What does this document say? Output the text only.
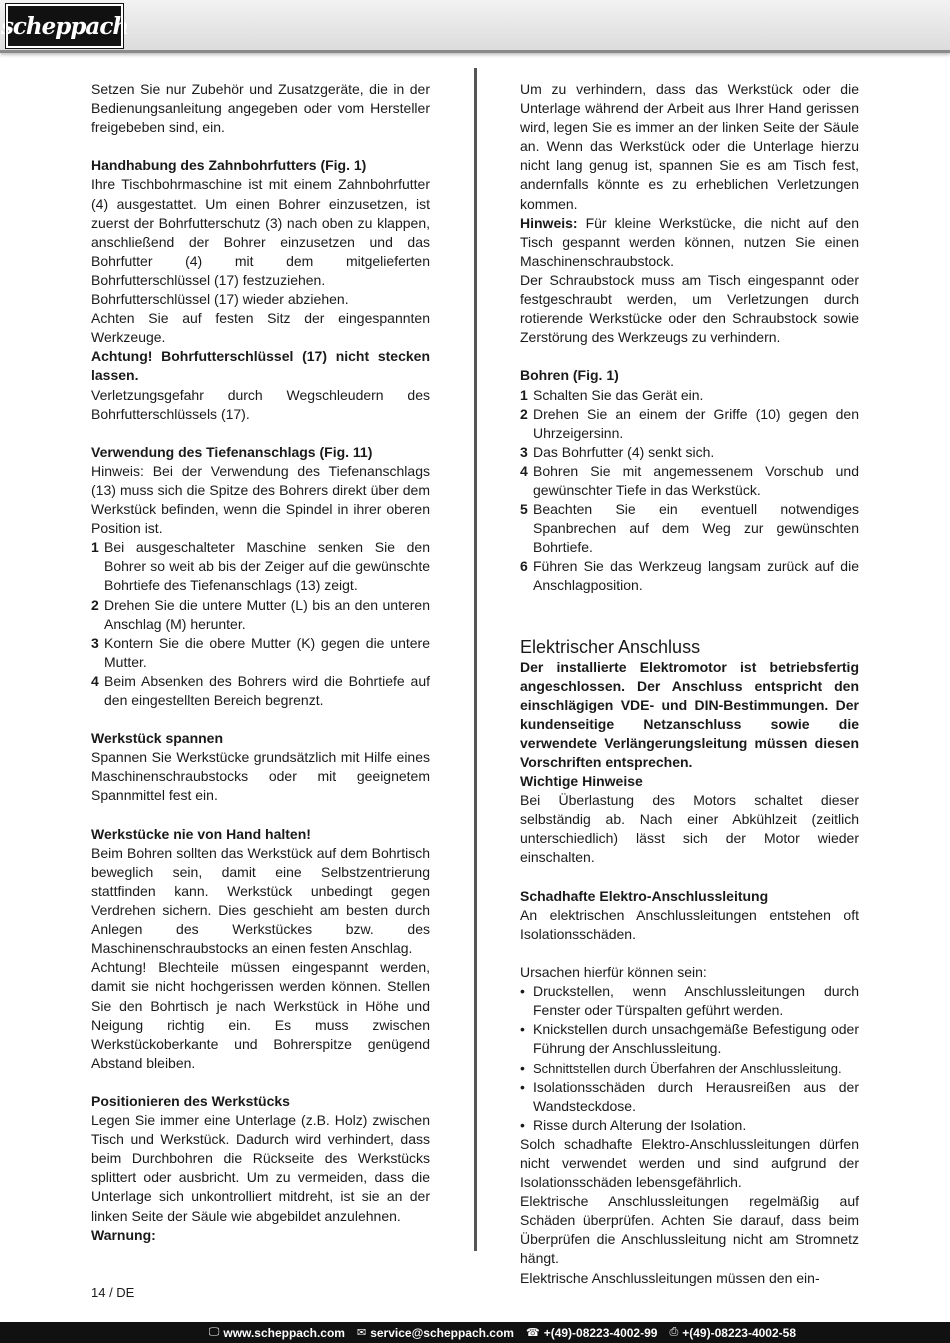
scheppach

Setzen Sie nur Zubehör und Zusatzgeräte, die in der Bedienungsanleitung angegeben oder vom Hersteller freigebeben sind, ein.

Handhabung des Zahnbohrfutters (Fig. 1)

Ihre Tischbohrmaschine ist mit einem Zahnbohrfutter (4) ausgestattet. Um einen Bohrer einzusetzen, ist zuerst der Bohrfutterschutz (3) nach oben zu klappen, anschließend der Bohrer einzusetzen und das Bohrfutter (4) mit dem mitgelieferten Bohrfutterschlüssel (17) festzuziehen.

Bohrfutterschlüssel (17) wieder abziehen.

Achten Sie auf festen Sitz der eingespannten Werkzeuge.

Achtung! Bohrfutterschlüssel (17) nicht stecken lassen.

Verletzungsgefahr durch Wegschleudern des Bohrfutterschlüssels (17).

Verwendung des Tiefenanschlags (Fig. 11)

Hinweis: Bei der Verwendung des Tiefenanschlags (13) muss sich die Spitze des Bohrers direkt über dem Werkstück befinden, wenn die Spindel in ihrer oberen Position ist.

1 Bei ausgeschalteter Maschine senken Sie den Bohrer so weit ab bis der Zeiger auf die gewünschte Bohrtiefe des Tiefenanschlags (13) zeigt.
2 Drehen Sie die untere Mutter (L) bis an den unteren Anschlag (M) herunter.
3 Kontern Sie die obere Mutter (K) gegen die untere Mutter.
4 Beim Absenken des Bohrers wird die Bohrtiefe auf den eingestellten Bereich begrenzt.

Werkstück spannen

Spannen Sie Werkstücke grundsätzlich mit Hilfe eines Maschinenschraubstocks oder mit geeignetem Spannmittel fest ein.

Werkstücke nie von Hand halten!

Beim Bohren sollten das Werkstück auf dem Bohrtisch beweglich sein, damit eine Selbstzentrierung stattfinden kann. Werkstück unbedingt gegen Verdrehen sichern. Dies geschieht am besten durch Anlegen des Werkstückes bzw. des Maschinenschraubstocks an einen festen Anschlag.

Achtung! Blechteile müssen eingespannt werden, damit sie nicht hochgerissen werden können. Stellen Sie den Bohrtisch je nach Werkstück in Höhe und Neigung richtig ein. Es muss zwischen Werkstückoberkante und Bohrerspitze genügend Abstand bleiben.

Positionieren des Werkstücks

Legen Sie immer eine Unterlage (z.B. Holz) zwischen Tisch und Werkstück. Dadurch wird verhindert, dass beim Durchbohren die Rückseite des Werkstücks splittert oder ausbricht. Um zu vermeiden, dass die Unterlage sich unkontrolliert mitdreht, ist sie an der linken Seite der Säule wie abgebildet anzulehnen.

Warnung:

Um zu verhindern, dass das Werkstück oder die Unterlage während der Arbeit aus Ihrer Hand gerissen wird, legen Sie es immer an der linken Seite der Säule an. Wenn das Werkstück oder die Unterlage hierzu nicht lang genug ist, spannen Sie es am Tisch fest, andernfalls könnte es zu erheblichen Verletzungen kommen.

Hinweis: Für kleine Werkstücke, die nicht auf den Tisch gespannt werden können, nutzen Sie einen Maschinenschraubstock.

Der Schraubstock muss am Tisch eingespannt oder festgeschraubt werden, um Verletzungen durch rotierende Werkstücke oder den Schraubstock sowie Zerstörung des Werkzeugs zu verhindern.

Bohren (Fig. 1)

1 Schalten Sie das Gerät ein.
2 Drehen Sie an einem der Griffe (10) gegen den Uhrzeigersinn.
3 Das Bohrfutter (4) senkt sich.
4 Bohren Sie mit angemessenem Vorschub und gewünschter Tiefe in das Werkstück.
5 Beachten Sie ein eventuell notwendiges Spanbrechen auf dem Weg zur gewünschten Bohrtiefe.
6 Führen Sie das Werkzeug langsam zurück auf die Anschlagposition.

Elektrischer Anschluss

Der installierte Elektromotor ist betriebsfertig angeschlossen. Der Anschluss entspricht den einschlägigen VDE- und DIN-Bestimmungen. Der kundenseitige Netzanschluss sowie die verwendete Verlängerungsleitung müssen diesen Vorschriften entsprechen.

Wichtige Hinweise

Bei Überlastung des Motors schaltet dieser selbständig ab. Nach einer Abkühlzeit (zeitlich unterschiedlich) lässt sich der Motor wieder einschalten.

Schadhafte Elektro-Anschlussleitung

An elektrischen Anschlussleitungen entstehen oft Isolationsschäden.

Ursachen hierfür können sein:

• Druckstellen, wenn Anschlussleitungen durch Fenster oder Türspalten geführt werden.
• Knickstellen durch unsachgemäße Befestigung oder Führung der Anschlussleitung.
• Schnittstellen durch Überfahren der Anschlussleitung.
• Isolationsschäden durch Herausreißen aus der Wandsteckdose.
• Risse durch Alterung der Isolation.

Solch schadhafte Elektro-Anschlussleitungen dürfen nicht verwendet werden und sind aufgrund der Isolationsschäden lebensgefährlich.

Elektrische Anschlussleitungen regelmäßig auf Schäden überprüfen. Achten Sie darauf, dass beim Überprüfen die Anschlussleitung nicht am Stromnetz hängt.

Elektrische Anschlussleitungen müssen den ein-

14 / DE
🖵 www.scheppach.com ✉ service@scheppach.com ☎ +(49)-08223-4002-99 ⎙ +(49)-08223-4002-58
